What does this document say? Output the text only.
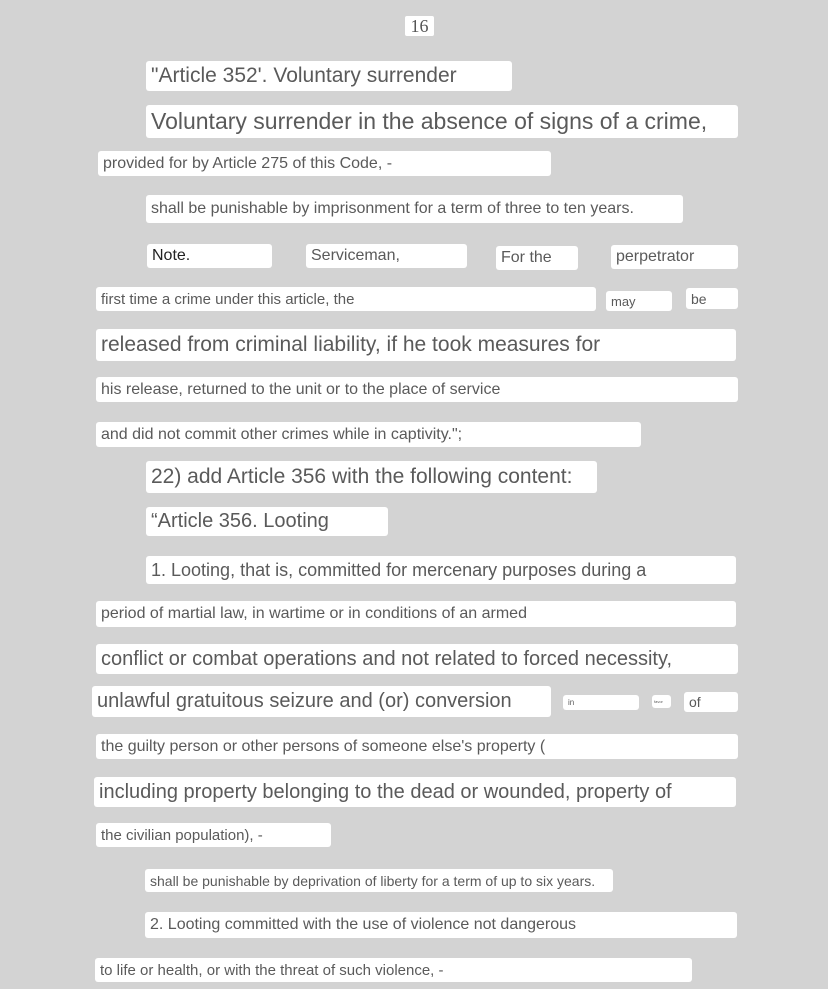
16
"Article 352'. Voluntary surrender
Voluntary surrender in the absence of signs of a crime,
provided for by Article 275 of this Code, -
shall be punishable by imprisonment for a term of three to ten years.
Note.	Serviceman,	For the	perpetrator
first time a crime under this article, the	may	be
released from criminal liability, if he took measures for
his release, returned to the unit or to the place of service
and did not commit other crimes while in captivity.";
22) add Article 356 with the following content:
“Article 356. Looting
1. Looting, that is, committed for mercenary purposes during a
period of martial law, in wartime or in conditions of an armed
conflict or combat operations and not related to forced necessity,
unlawful gratuitous seizure and (or) conversion	in	favor	of
the guilty person or other persons of someone else's property (
including property belonging to the dead or wounded, property of
the civilian population), -
shall be punishable by deprivation of liberty for a term of up to six years.
2. Looting committed with the use of violence not dangerous
to life or health, or with the threat of such violence, -
